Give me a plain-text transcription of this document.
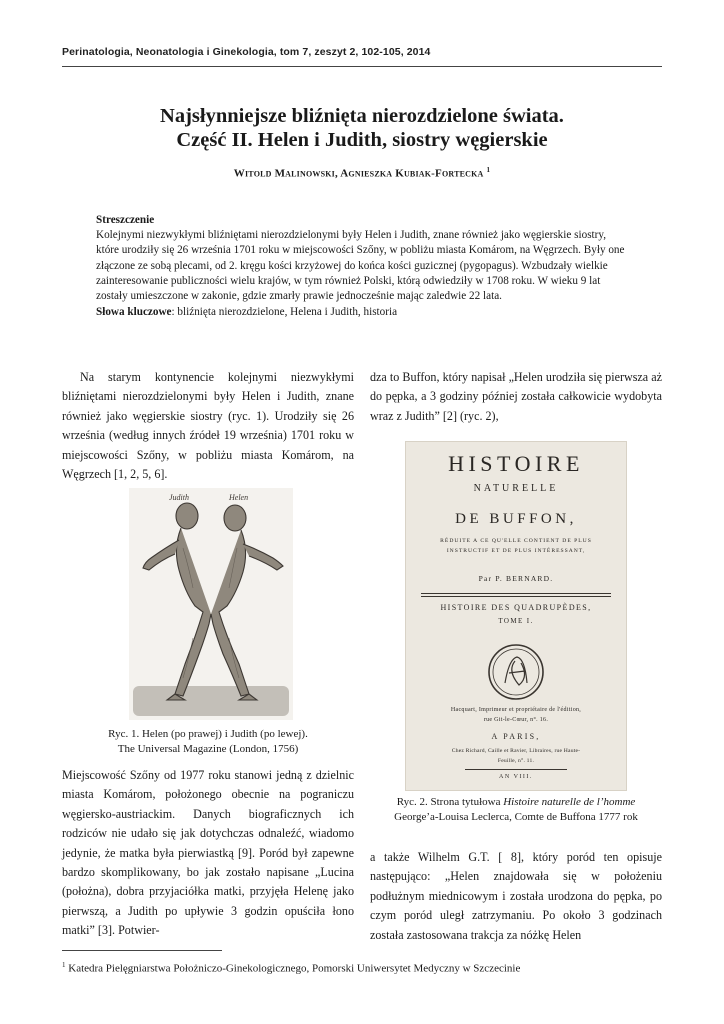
Perinatologia, Neonatologia i Ginekologia, tom 7, zeszyt 2, 102-105, 2014
Najsłynniejsze bliźnięta nierozdzielone świata.
Część II. Helen i Judith, siostry węgierskie
Witold Malinowski, Agnieszka Kubiak-Fortecka $^1$

Streszczenie

Kolejnymi niezwykłymi bliźniętami nierozdzielonymi były Helen i Judith, znane również jako węgierskie siostry, które urodziły się 26 września 1701 roku w miejscowości Szőny, w pobliżu miasta Komárom, na Węgrzech. Były one złączone ze sobą plecami, od 2. kręgu kości krzyżowej do końca kości guzicznej (pygopagus). Wzbudzały wielkie zainteresowanie publiczności wielu krajów, w tym również Polski, którą odwiedziły w 1708 roku. W wieku 9 lat zostały umieszczone w zakonie, gdzie zmarły prawie jednocześnie mając zaledwie 22 lata.

Słowa kluczowe: bliźnięta nierozdzielone, Helena i Judith, historia

Na starym kontynencie kolejnymi niezwykłymi bliźniętami nierozdzielonymi były Helen i Judith, znane również jako węgierskie siostry (ryc. 1). Urodziły się 26 września (według innych źródeł 19 września) 1701 roku w miejscowości Szőny, w pobliżu miasta Komárom, na Węgrzech [1, 2, 5, 6].

dza to Buffon, który napisał „Helen urodziła się pierwsza aż do pępka, a 3 godziny później została całkowicie wydobyta wraz z Judith” [2] (ryc. 2),

Judith	Helen
Ryc. 1. Helen (po prawej) i Judith (po lewej).
The Universal Magazine (London, 1756)
HISTOIRE
NATURELLE
DE BUFFON,
RÉDUITE A CE QU'ELLE CONTIENT DE PLUS
INSTRUCTIF ET DE PLUS INTÉRESSANT,
Par P. BERNARD.
HISTOIRE DES QUADRUPÈDES,
TOME I.
Hacquart, Imprimeur et propriétaire de l'édition,
rue Git-le-Cœur, n°. 16.
A PARIS,
Chez Richard, Caille et Ravier, Libraires, rue Haute-
Feuille, n°. 11.
AN VIII.
Ryc. 2. Strona tytułowa Histoire naturelle de l’homme
George’a-Louisa Leclerca, Comte de Buffona 1777 rok

Miejscowość Szőny od 1977 roku stanowi jedną z dzielnic miasta Komárom, położonego obecnie na pograniczu węgiersko-austriackim. Danych biograficznych ich rodziców nie udało się jak dotychczas odnaleźć, wiadomo jedynie, że matka była pierwiastką [9]. Poród był zapewne bardzo skomplikowany, bo jak zostało napisane „Lucina (położna), dobra przyjaciółka matki, przyjęła Helenę jako pierwszą, a Judith po upływie 3 godzin opuściła łono matki” [3]. Potwier-

a także Wilhelm G.T. [ 8], który poród ten opisuje następująco: „Helen znajdowała się w położeniu podłużnym miednicowym i została urodzona do pępka, po czym poród uległ zatrzymaniu. Po około 3 godzinach została zastosowana trakcja za nóżkę Helen

$^1$ Katedra Pielęgniarstwa Położniczo-Ginekologicznego, Pomorski Uniwersytet Medyczny w Szczecinie
